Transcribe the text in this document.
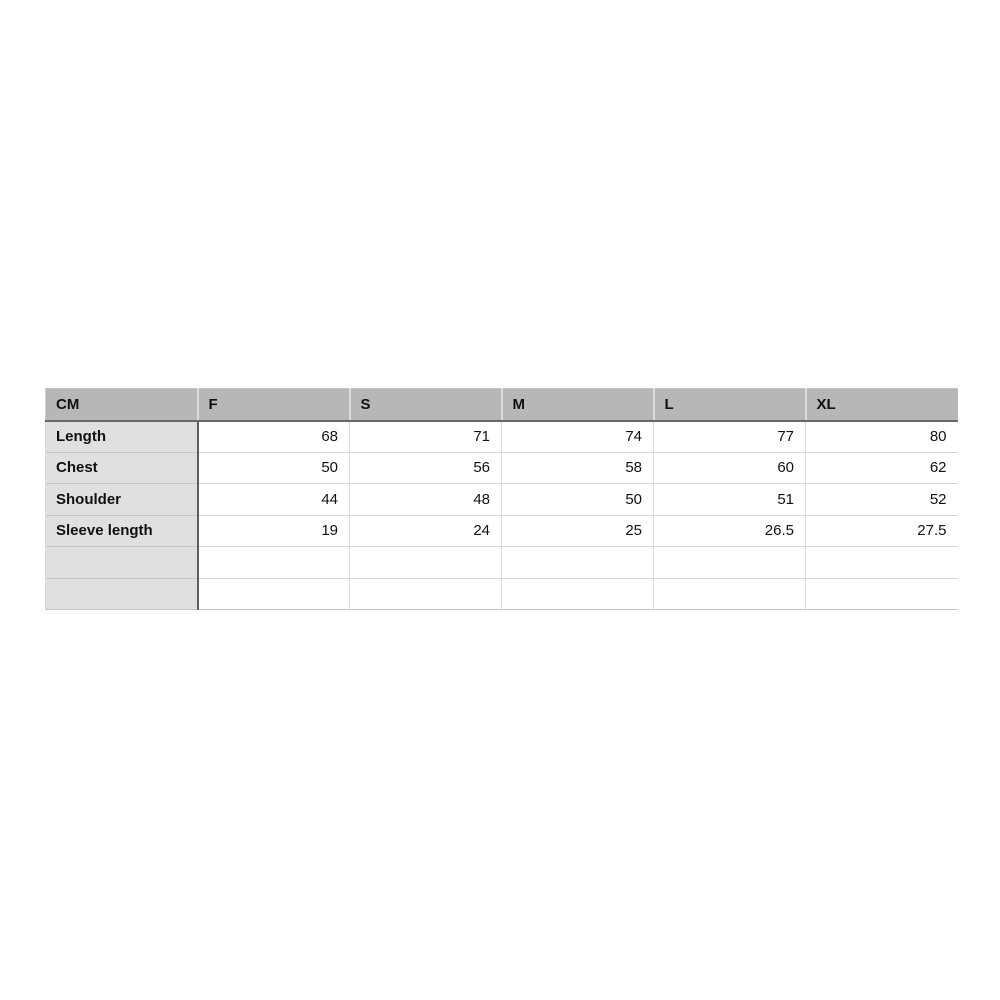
CM	F	S	M	L	XL
Length	68	71	74	77	80
Chest	50	56	58	60	62
Shoulder	44	48	50	51	52
Sleeve length	19	24	25	26.5	27.5
